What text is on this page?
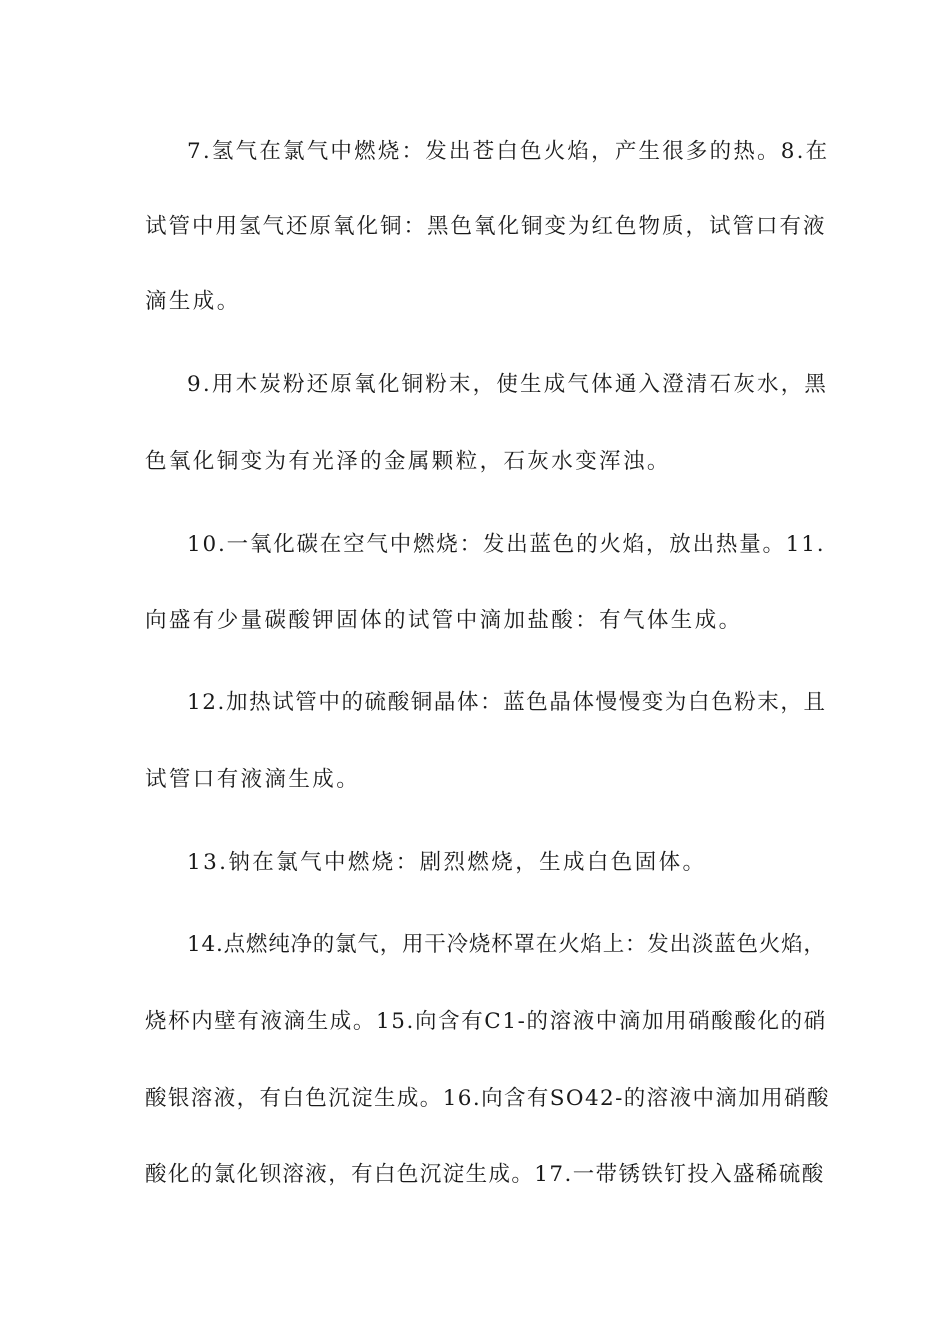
7.氢气在氯气中燃烧：发出苍白色火焰，产生很多的热。8.在
试管中用氢气还原氧化铜：黑色氧化铜变为红色物质，试管口有液
滴生成。
9.用木炭粉还原氧化铜粉末，使生成气体通入澄清石灰水，黑
色氧化铜变为有光泽的金属颗粒，石灰水变浑浊。
10.一氧化碳在空气中燃烧：发出蓝色的火焰，放出热量。11.
向盛有少量碳酸钾固体的试管中滴加盐酸：有气体生成。
12.加热试管中的硫酸铜晶体：蓝色晶体慢慢变为白色粉末，且
试管口有液滴生成。
13.钠在氯气中燃烧：剧烈燃烧，生成白色固体。
14.点燃纯净的氯气，用干冷烧杯罩在火焰上：发出淡蓝色火焰，
烧杯内壁有液滴生成。15.向含有C1-的溶液中滴加用硝酸酸化的硝
酸银溶液，有白色沉淀生成。16.向含有SO42-的溶液中滴加用硝酸
酸化的氯化钡溶液，有白色沉淀生成。17.一带锈铁钉投入盛稀硫酸
